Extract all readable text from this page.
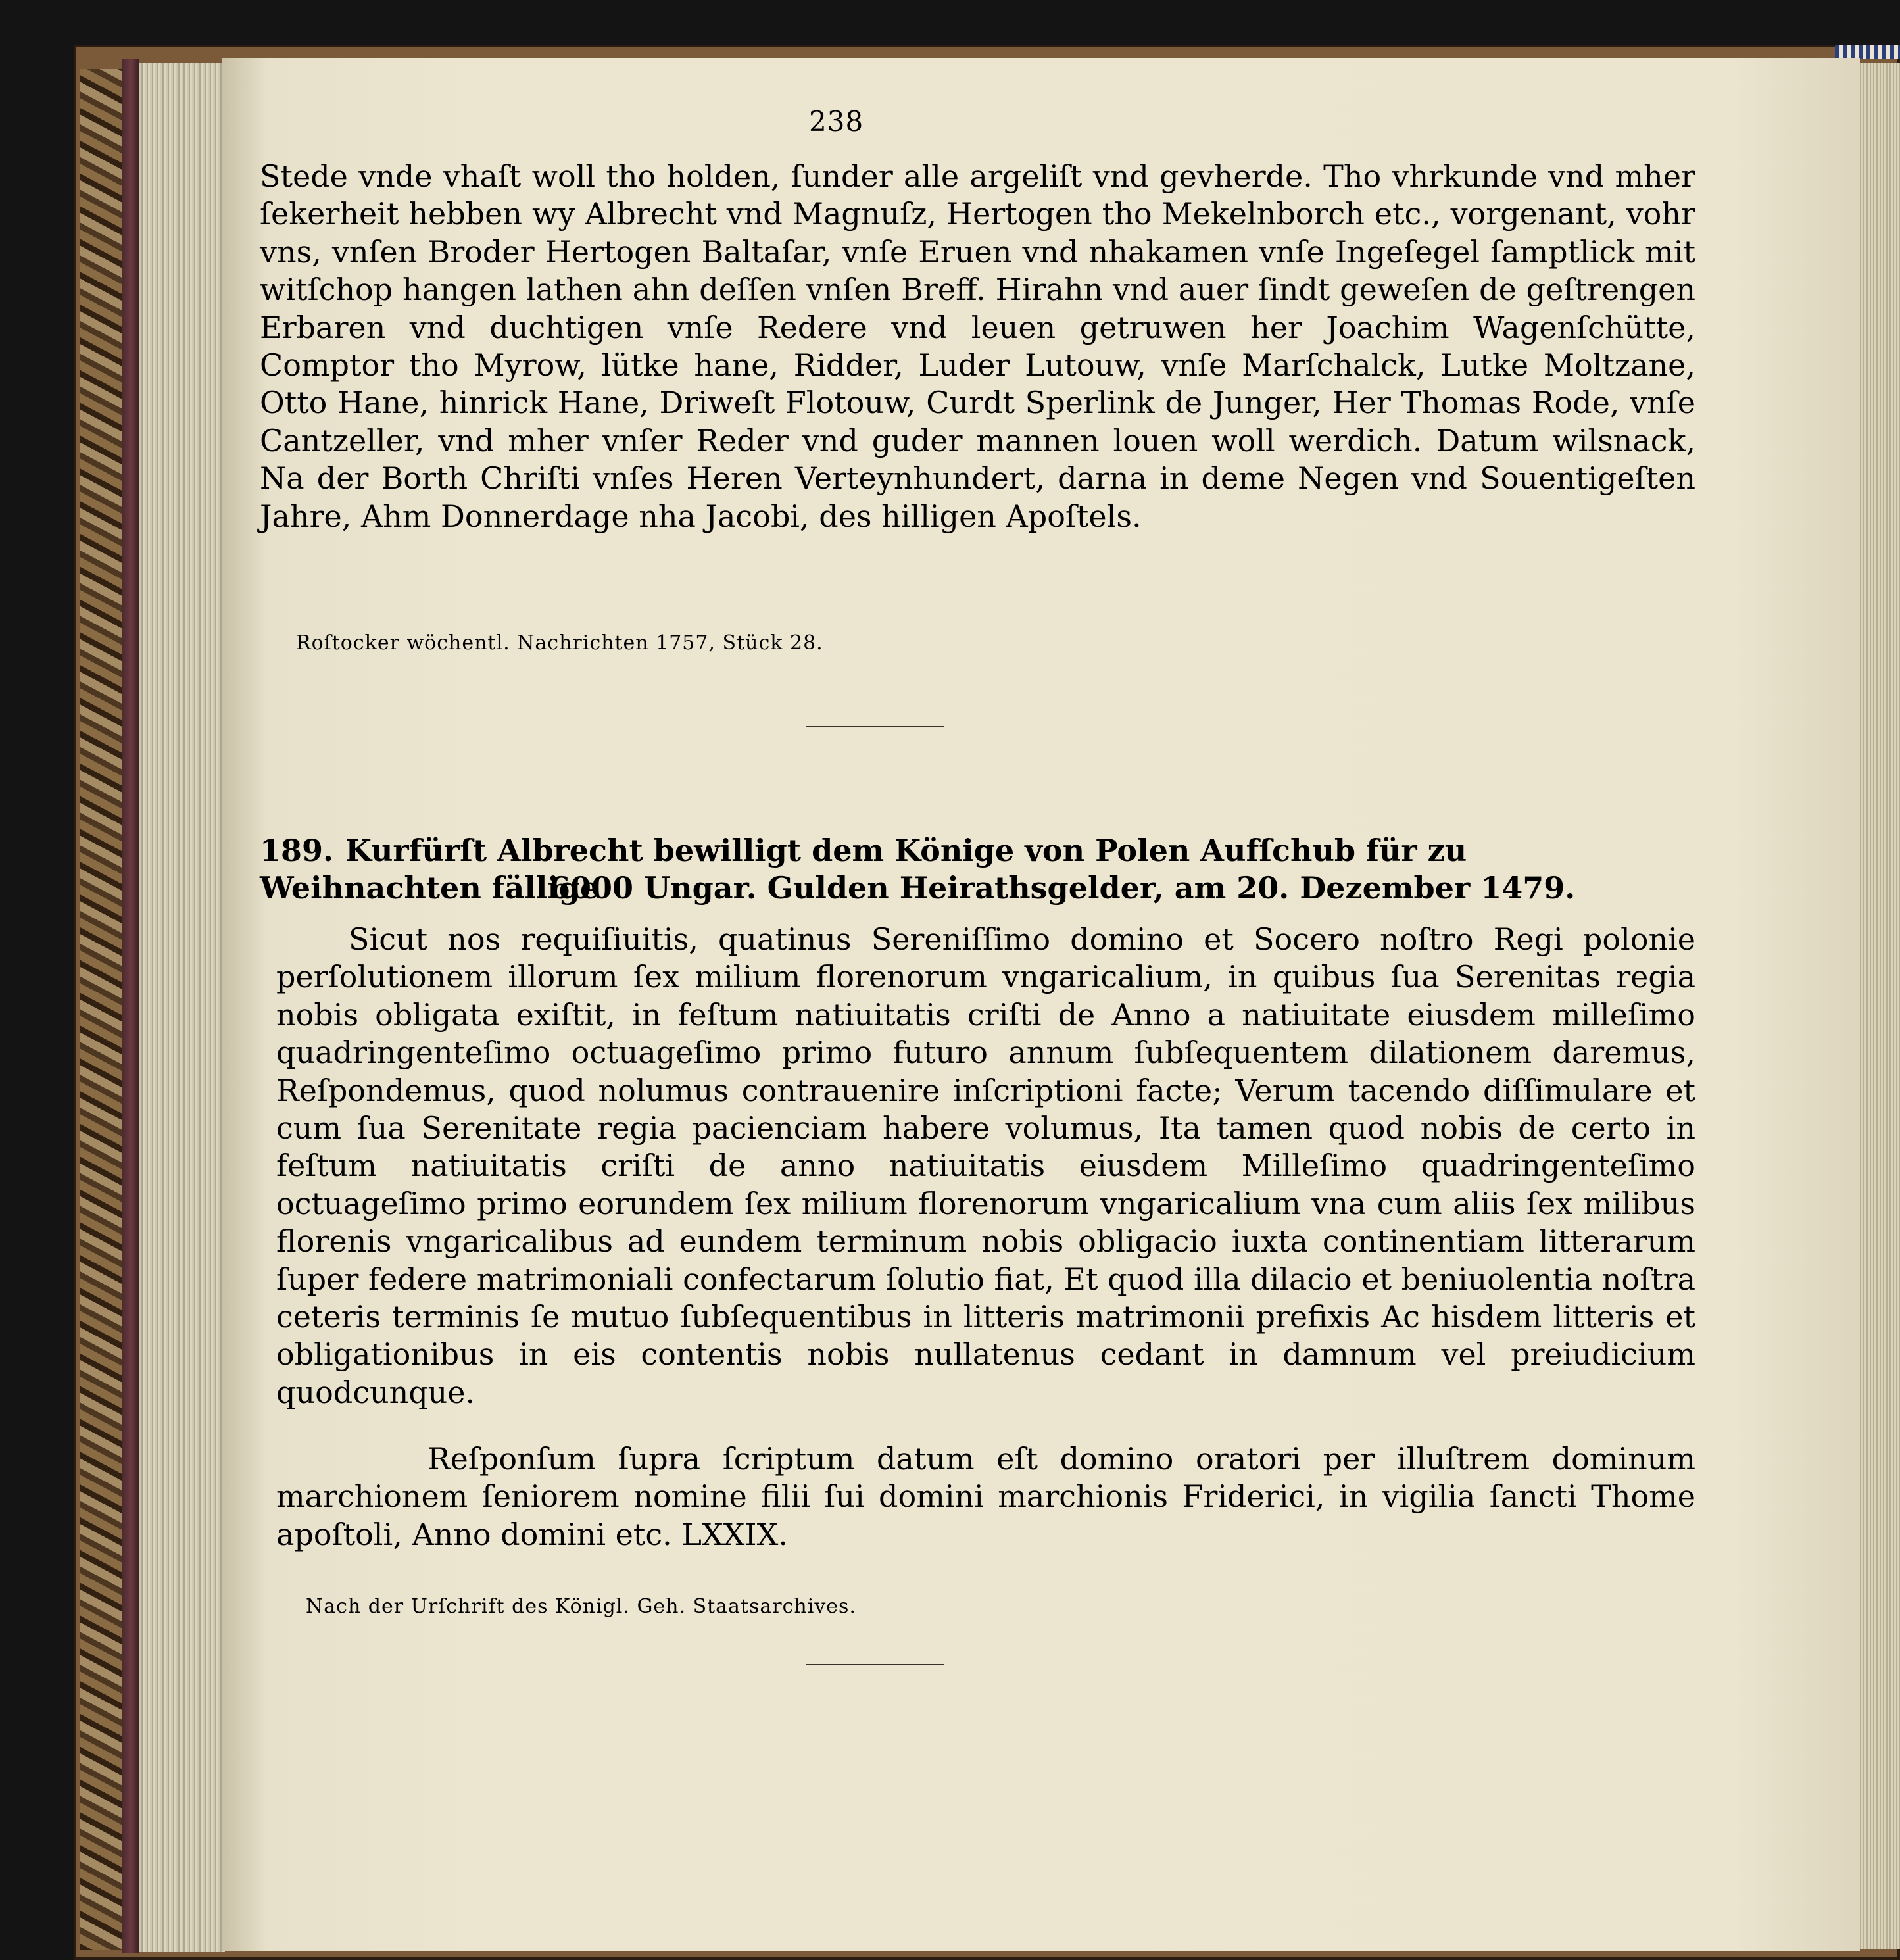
238

Stede vnde vhaſt woll tho holden, ſunder alle argeliſt vnd gevherde. Tho vhrkunde vnd mher ſekerheit hebben wy Albrecht vnd Magnuſz, Hertogen tho Mekelnborch etc., vorgenant, vohr vns, vnſen Broder Hertogen Baltaſar, vnſe Eruen vnd nhakamen vnſe Ingeſegel ſamptlick mit witſchop hangen lathen ahn deſſen vnſen Breff. Hirahn vnd auer ſindt geweſen de geſtrengen Erbaren vnd duchtigen vnſe Redere vnd leuen getruwen her Joachim Wagenſchütte, Comptor tho Myrow, lütke hane, Ridder, Luder Lutouw, vnſe Marſchalck, Lutke Moltzane, Otto Hane, hinrick Hane, Driweſt Flotouw, Curdt Sperlink de Junger, Her Thomas Rode, vnſe Cantzeller, vnd mher vnſer Reder vnd guder mannen louen woll werdich. Datum wilsnack, Na der Borth Chriſti vnſes Heren Verteynhundert, darna in deme Negen vnd Souentigeſten Jahre, Ahm Donnerdage nha Jacobi, des hilligen Apoſtels.

Roſtocker wöchentl. Nachrichten 1757, Stück 28.
189. Kurfürſt Albrecht bewilligt dem Könige von Polen Aufſchub für zu Weihnachten fällige
6000 Ungar. Gulden Heirathsgelder, am 20. Dezember 1479.

Sicut nos requiſiuitis, quatinus Sereniſſimo domino et Socero noſtro Regi polonie perſolutionem illorum ſex milium florenorum vngaricalium, in quibus ſua Serenitas regia nobis obligata exiſtit, in feſtum natiuitatis criſti de Anno a natiuitate eiusdem milleſimo quadringenteſimo octuageſimo primo futuro annum ſubſequentem dilationem daremus, Reſpondemus, quod nolumus contrauenire inſcriptioni facte; Verum tacendo diſſimulare et cum ſua Serenitate regia pacienciam habere volumus, Ita tamen quod nobis de certo in feſtum natiuitatis criſti de anno natiuitatis eiusdem Milleſimo quadringenteſimo octuageſimo primo eorundem ſex milium florenorum vngaricalium vna cum aliis ſex milibus florenis vngaricalibus ad eundem terminum nobis obligacio iuxta continentiam litterarum ſuper federe matrimoniali confectarum ſolutio fiat, Et quod illa dilacio et beniuolentia noſtra ceteris terminis ſe mutuo ſubſequentibus in litteris matrimonii prefixis Ac hisdem litteris et obligationibus in eis contentis nobis nullatenus cedant in damnum vel preiudicium quodcunque.

Reſponſum ſupra ſcriptum datum eſt domino oratori per illuſtrem dominum marchionem ſeniorem nomine filii ſui domini marchionis Friderici, in vigilia ſancti Thome apoſtoli, Anno domini etc. LXXIX.

Nach der Urſchrift des Königl. Geh. Staatsarchives.
